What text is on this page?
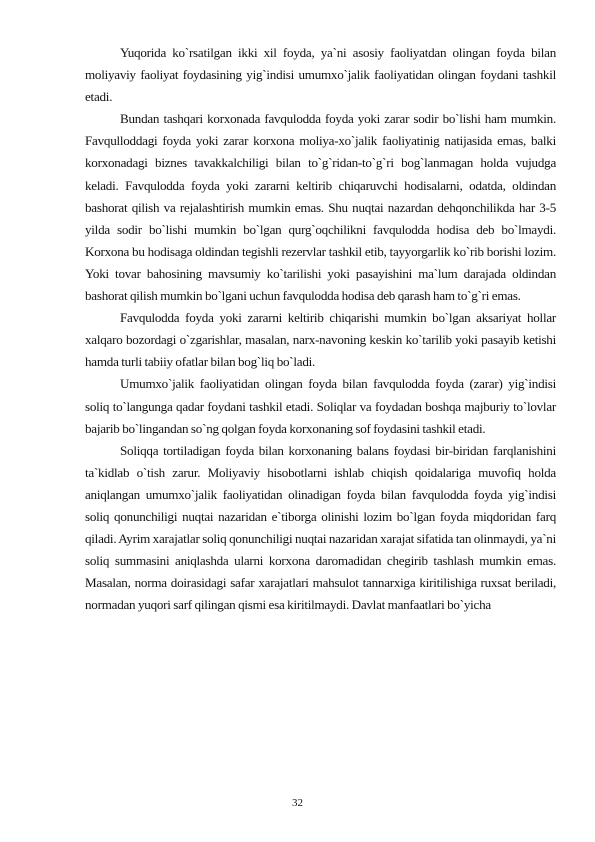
Yuqorida ko`rsatilgan ikki xil foyda, ya`ni asosiy faoliyatdan olingan foyda bilan moliyaviy faoliyat foydasining yig`indisi umumxo`jalik faoliyatidan olingan foydani tashkil etadi.

Bundan tashqari korxonada favqulodda foyda yoki zarar sodir bo`lishi ham mumkin. Favqulloddagi foyda yoki zarar korxona moliya-xo`jalik faoliyatinig natijasida emas, balki korxonadagi biznes tavakkalchiligi bilan to`g`ridan-to`g`ri bog`lanmagan holda vujudga keladi. Favqulodda foyda yoki zararni keltirib chiqaruvchi hodisalarni, odatda, oldindan bashorat qilish va rejalashtirish mumkin emas. Shu nuqtai nazardan dehqonchilikda har 3-5 yilda sodir bo`lishi mumkin bo`lgan qurg`oqchilikni favqulodda hodisa deb bo`lmaydi. Korxona bu hodisaga oldindan tegishli rezervlar tashkil etib, tayyorgarlik ko`rib borishi lozim. Yoki tovar bahosining mavsumiy ko`tarilishi yoki pasayishini ma`lum darajada oldindan bashorat qilish mumkin bo`lgani uchun favqulodda hodisa deb qarash ham to`g`ri emas.

Favqulodda foyda yoki zararni keltirib chiqarishi mumkin bo`lgan aksariyat hollar xalqaro bozordagi o`zgarishlar, masalan, narx-navoning keskin ko`tarilib yoki pasayib ketishi hamda turli tabiiy ofatlar bilan bog`liq bo`ladi.

Umumxo`jalik faoliyatidan olingan foyda bilan favqulodda foyda (zarar) yig`indisi soliq to`langunga qadar foydani tashkil etadi. Soliqlar va foydadan boshqa majburiy to`lovlar bajarib bo`lingandan so`ng qolgan foyda korxonaning sof foydasini tashkil etadi.

Soliqqa tortiladigan foyda bilan korxonaning balans foydasi bir-biridan farqlanishini ta`kidlab o`tish zarur. Moliyaviy hisobotlarni ishlab chiqish qoidalariga muvofiq holda aniqlangan umumxo`jalik faoliyatidan olinadigan foyda bilan favqulodda foyda yig`indisi soliq qonunchiligi nuqtai nazaridan e`tiborga olinishi lozim bo`lgan foyda miqdoridan farq qiladi. Ayrim xarajatlar soliq qonunchiligi nuqtai nazaridan xarajat sifatida tan olinmaydi, ya`ni soliq summasini aniqlashda ularni korxona daromadidan chegirib tashlash mumkin emas. Masalan, norma doirasidagi safar xarajatlari mahsulot tannarxiga kiritilishiga ruxsat beriladi, normadan yuqori sarf qilingan qismi esa kiritilmaydi. Davlat manfaatlari bo`yicha

32
